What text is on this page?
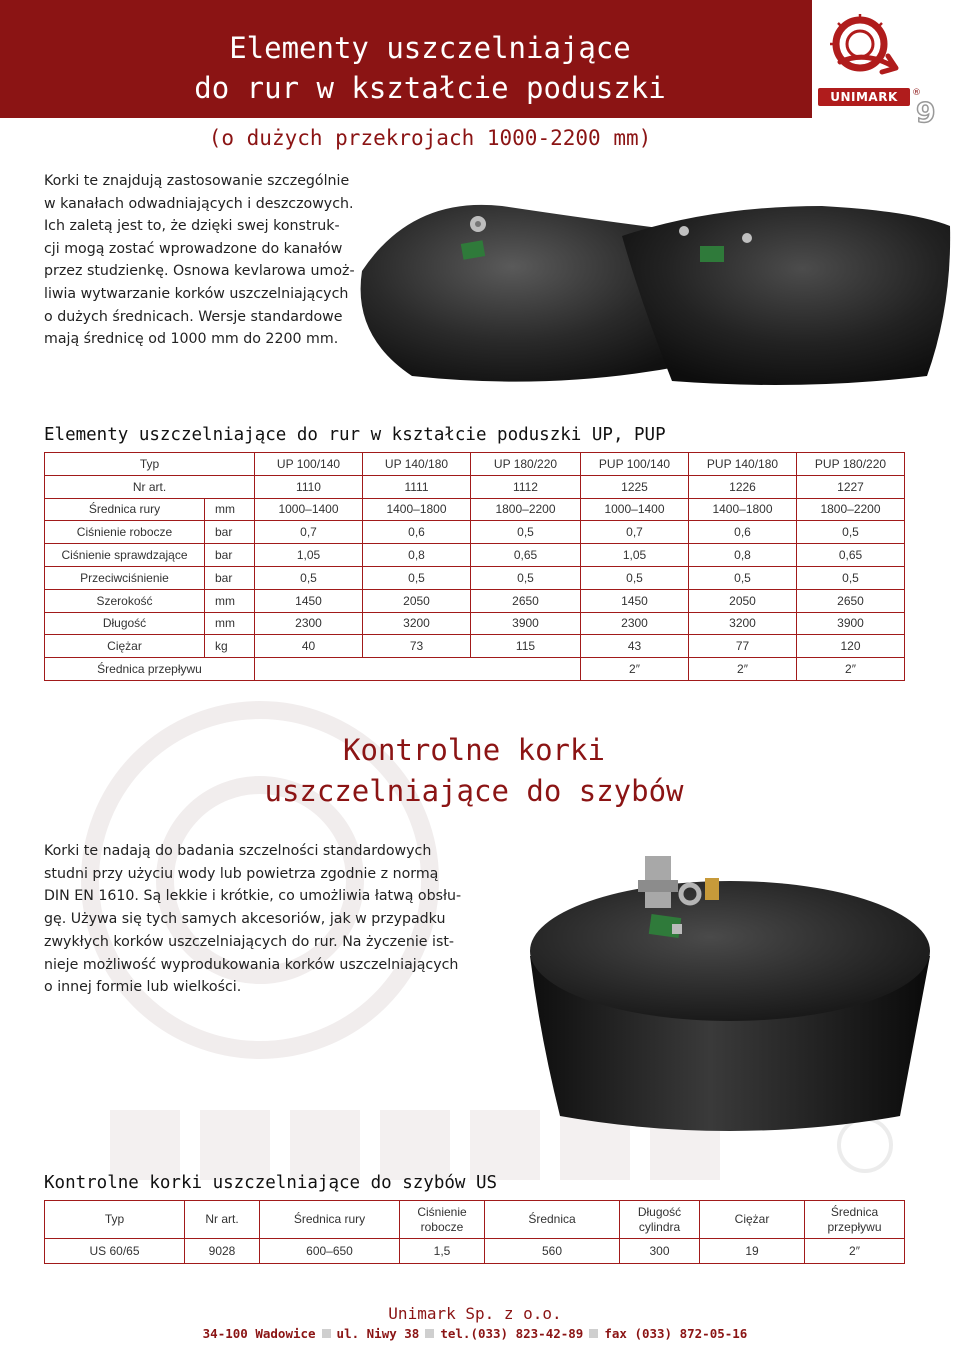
Elementy uszczelniające
do rur w kształcie poduszki	UNIMARK	®
9
(o dużych przekrojach 1000-2200 mm)

Korki te znajdują zastosowanie szczególnie

w kanałach odwadniających i deszczowych.

Ich zaletą jest to, że dzięki swej konstruk-

cji mogą zostać wprowadzone do kanałów

przez studzienkę. Osnowa kevlarowa umoż-

liwia wytwarzanie korków uszczelniających

o dużych średnicach. Wersje standardowe

mają średnicę od 1000 mm do 2200 mm.

Elementy uszczelniające do rur w kształcie poduszki UP, PUP
Typ		UP 100/140	UP 140/180	UP 180/220	PUP 100/140	PUP 140/180	PUP 180/220
Nr art.		1110	1111	1112	1225	1226	1227
Średnica rury	mm	1000–1400	1400–1800	1800–2200	1000–1400	1400–1800	1800–2200
Ciśnienie robocze	bar	0,7	0,6	0,5	0,7	0,6	0,5
Ciśnienie sprawdzające	bar	1,05	0,8	0,65	1,05	0,8	0,65
Przeciwciśnienie	bar	0,5	0,5	0,5	0,5	0,5	0,5
Szerokość	mm	1450	2050	2650	1450	2050	2650
Długość	mm	2300	3200	3900	2300	3200	3900
Ciężar	kg	40	73	115	43	77	120
Średnica przepływu					2″	2″	2″
Kontrolne korki
uszczelniające do szybów

Korki te nadają do badania szczelności standardowych

studni przy użyciu wody lub powietrza zgodnie z normą

DIN EN 1610. Są lekkie i krótkie, co umożliwia łatwą obsłu-

gę. Używa się tych samych akcesoriów, jak w przypadku

zwykłych korków uszczelniających do rur. Na życzenie ist-

nieje możliwość wyprodukowania korków uszczelniających

o innej formie lub wielkości.

Kontrolne korki uszczelniające do szybów US
Typ	Nr art.	Średnica rury	Ciśnienie robocze	Średnica	Długość cylindra	Ciężar	Średnica przepływu
US 60/65	9028	600–650	1,5	560	300	19	2″
Unimark Sp. z o.o.
34-100 Wadowice ul. Niwy 38 tel.(033) 823-42-89 fax (033) 872-05-16
